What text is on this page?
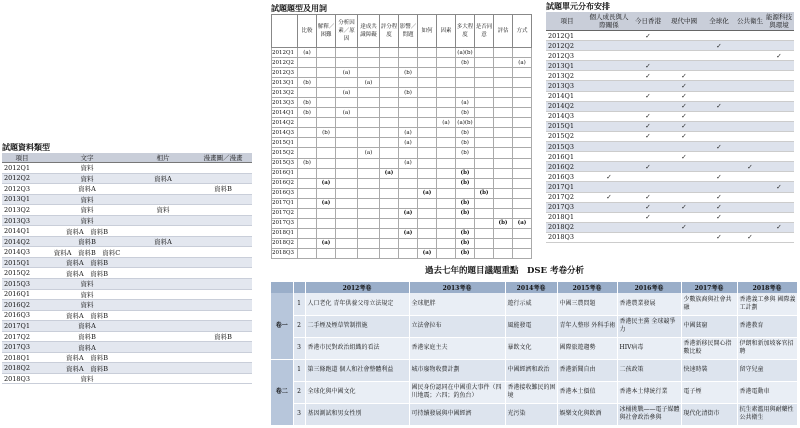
試題資料類型
項目	文字	相片	漫畫圖／漫畫
2012Q1	資料		
2012Q2	資料	資料A	
2012Q3	資料A		資料B
2013Q1	資料		
2013Q2	資料	資料	
2013Q3	資料		
2014Q1	資料A　資料B		
2014Q2	資料B	資料A	
2014Q3	資料A　資料B　資料C		
2015Q1	資料A　資料B		
2015Q2	資料A　資料B		
2015Q3	資料		
2016Q1	資料		
2016Q2	資料		
2016Q3	資料A　資料B		
2017Q1	資料A		
2017Q2	資料B		資料B
2017Q3	資料A		
2018Q1	資料A　資料B		
2018Q2	資料A　資料B		
2018Q3	資料		
試題題型及用詞
	比較	解釋／困難	分析因素／原因	達成共識障礙	評分程度	影響／問題	如何	因素	多大程度	是否同意	評估	方式
2012Q1	(a)								(a)(b)			
2012Q2									(b)			(a)
2012Q3			(a)			(b)						
2013Q1	(b)			(a)								
2013Q2			(a)			(b)						
2013Q3	(b)								(a)			
2014Q1	(b)		(a)						(b)			
2014Q2								(a)	(a)(b)			
2014Q3		(b)				(a)			(b)			
2015Q1						(a)			(b)			
2015Q2				(a)					(b)			
2015Q3	(b)					(a)						
2016Q1					(a)				(b)			
2016Q2		(a)							(b)			
2016Q3							(a)			(b)		
2017Q1		(a)							(b)			
2017Q2						(a)			(b)			
2017Q3											(b)	(a)
2018Q1						(a)			(b)			
2018Q2		(a)							(b)			
2018Q3							(a)		(b)			
試題單元分布安排
項目	個人成長與人際關係	今日香港	現代中國	全球化	公共衛生	能源科技與環境
2012Q1		✓				
2012Q2				✓		
2012Q3						✓
2013Q1		✓				
2013Q2		✓	✓			
2013Q3			✓			
2014Q1		✓	✓			
2014Q2			✓	✓		
2014Q3		✓	✓			
2015Q1		✓	✓			
2015Q2		✓	✓			
2015Q3				✓		
2016Q1			✓			
2016Q2		✓			✓	
2016Q3	✓			✓		
2017Q1						✓
2017Q2	✓	✓		✓		
2017Q3		✓	✓	✓		
2018Q1		✓		✓		
2018Q2			✓			✓
2018Q3				✓	✓	
過去七年的題目議題重點　DSE 考卷分析
		2012考卷	2013考卷	2014考卷	2015考卷	2016考卷	2017考卷	2018考卷
卷一	1	人口老化 青年供養父母立法規定	全球肥胖	遊行示威	中國三農問題	香港農業發展	少數族裔與社會共融	香港義工參與 國際義工計劃
	2	二手煙及煙草管制措施	立法會拉布	風能發電	青年人整形 外科手術	香港民主黨 全球競爭力	中國貧窮	香港教育
	3	香港市民對政治組織的看法	香港家庭主夫	暴飲文化	國際旅遊趨勢	HIV病毒	香港新移民開心指數比較	伊朗和新加坡客官招聘
卷二	1	第三條跑道 個人和社會整體利益	城市廢物收費計劃	中國經濟和政治	香港新聞自由	二孩政策	快速時裝	留守兒童
	2	全球化與中國文化	國民身份認同在中國重大事件（四川地震；六四；釣魚台）	香港接收難民的困境	香港本土價值	香港本土傳統行業	電子煙	香港電動車
	3	基因測試和男女性別	可持續發展與中國經濟	光污染	娛樂文化與飲酒	冰桶挑戰——電子媒體與社會政治參與	現代化清街市	抗生素濫用與耐藥性公共衛生
